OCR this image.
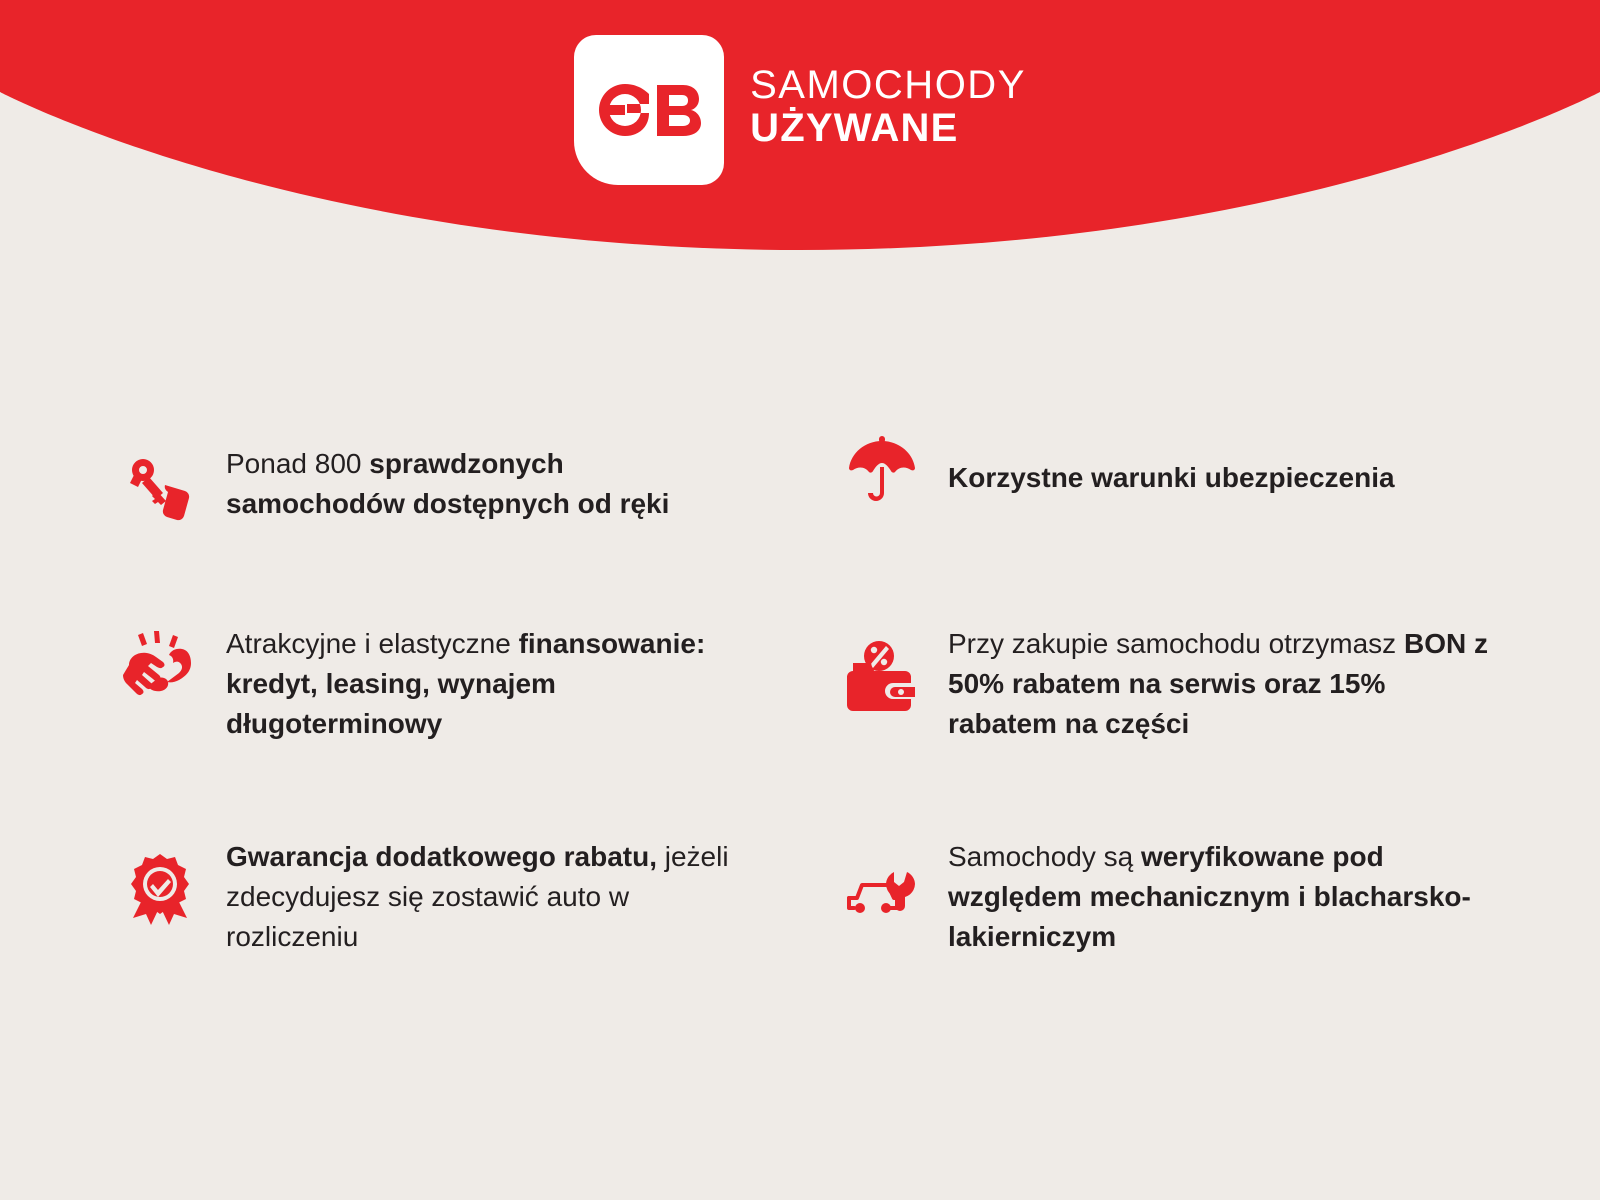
SAMOCHODY
UŻYWANE
Ponad 800 sprawdzonych samochodów dostępnych od ręki
Korzystne warunki ubezpieczenia
Atrakcyjne i elastyczne finansowanie: kredyt, leasing, wynajem długoterminowy
Przy zakupie samochodu otrzymasz BON z 50% rabatem na serwis oraz 15% rabatem na części
Gwarancja dodatkowego rabatu, jeżeli zdecydujesz się zostawić auto w rozliczeniu
Samochody są weryfikowane pod względem mechanicznym i blacharsko-lakierniczym
